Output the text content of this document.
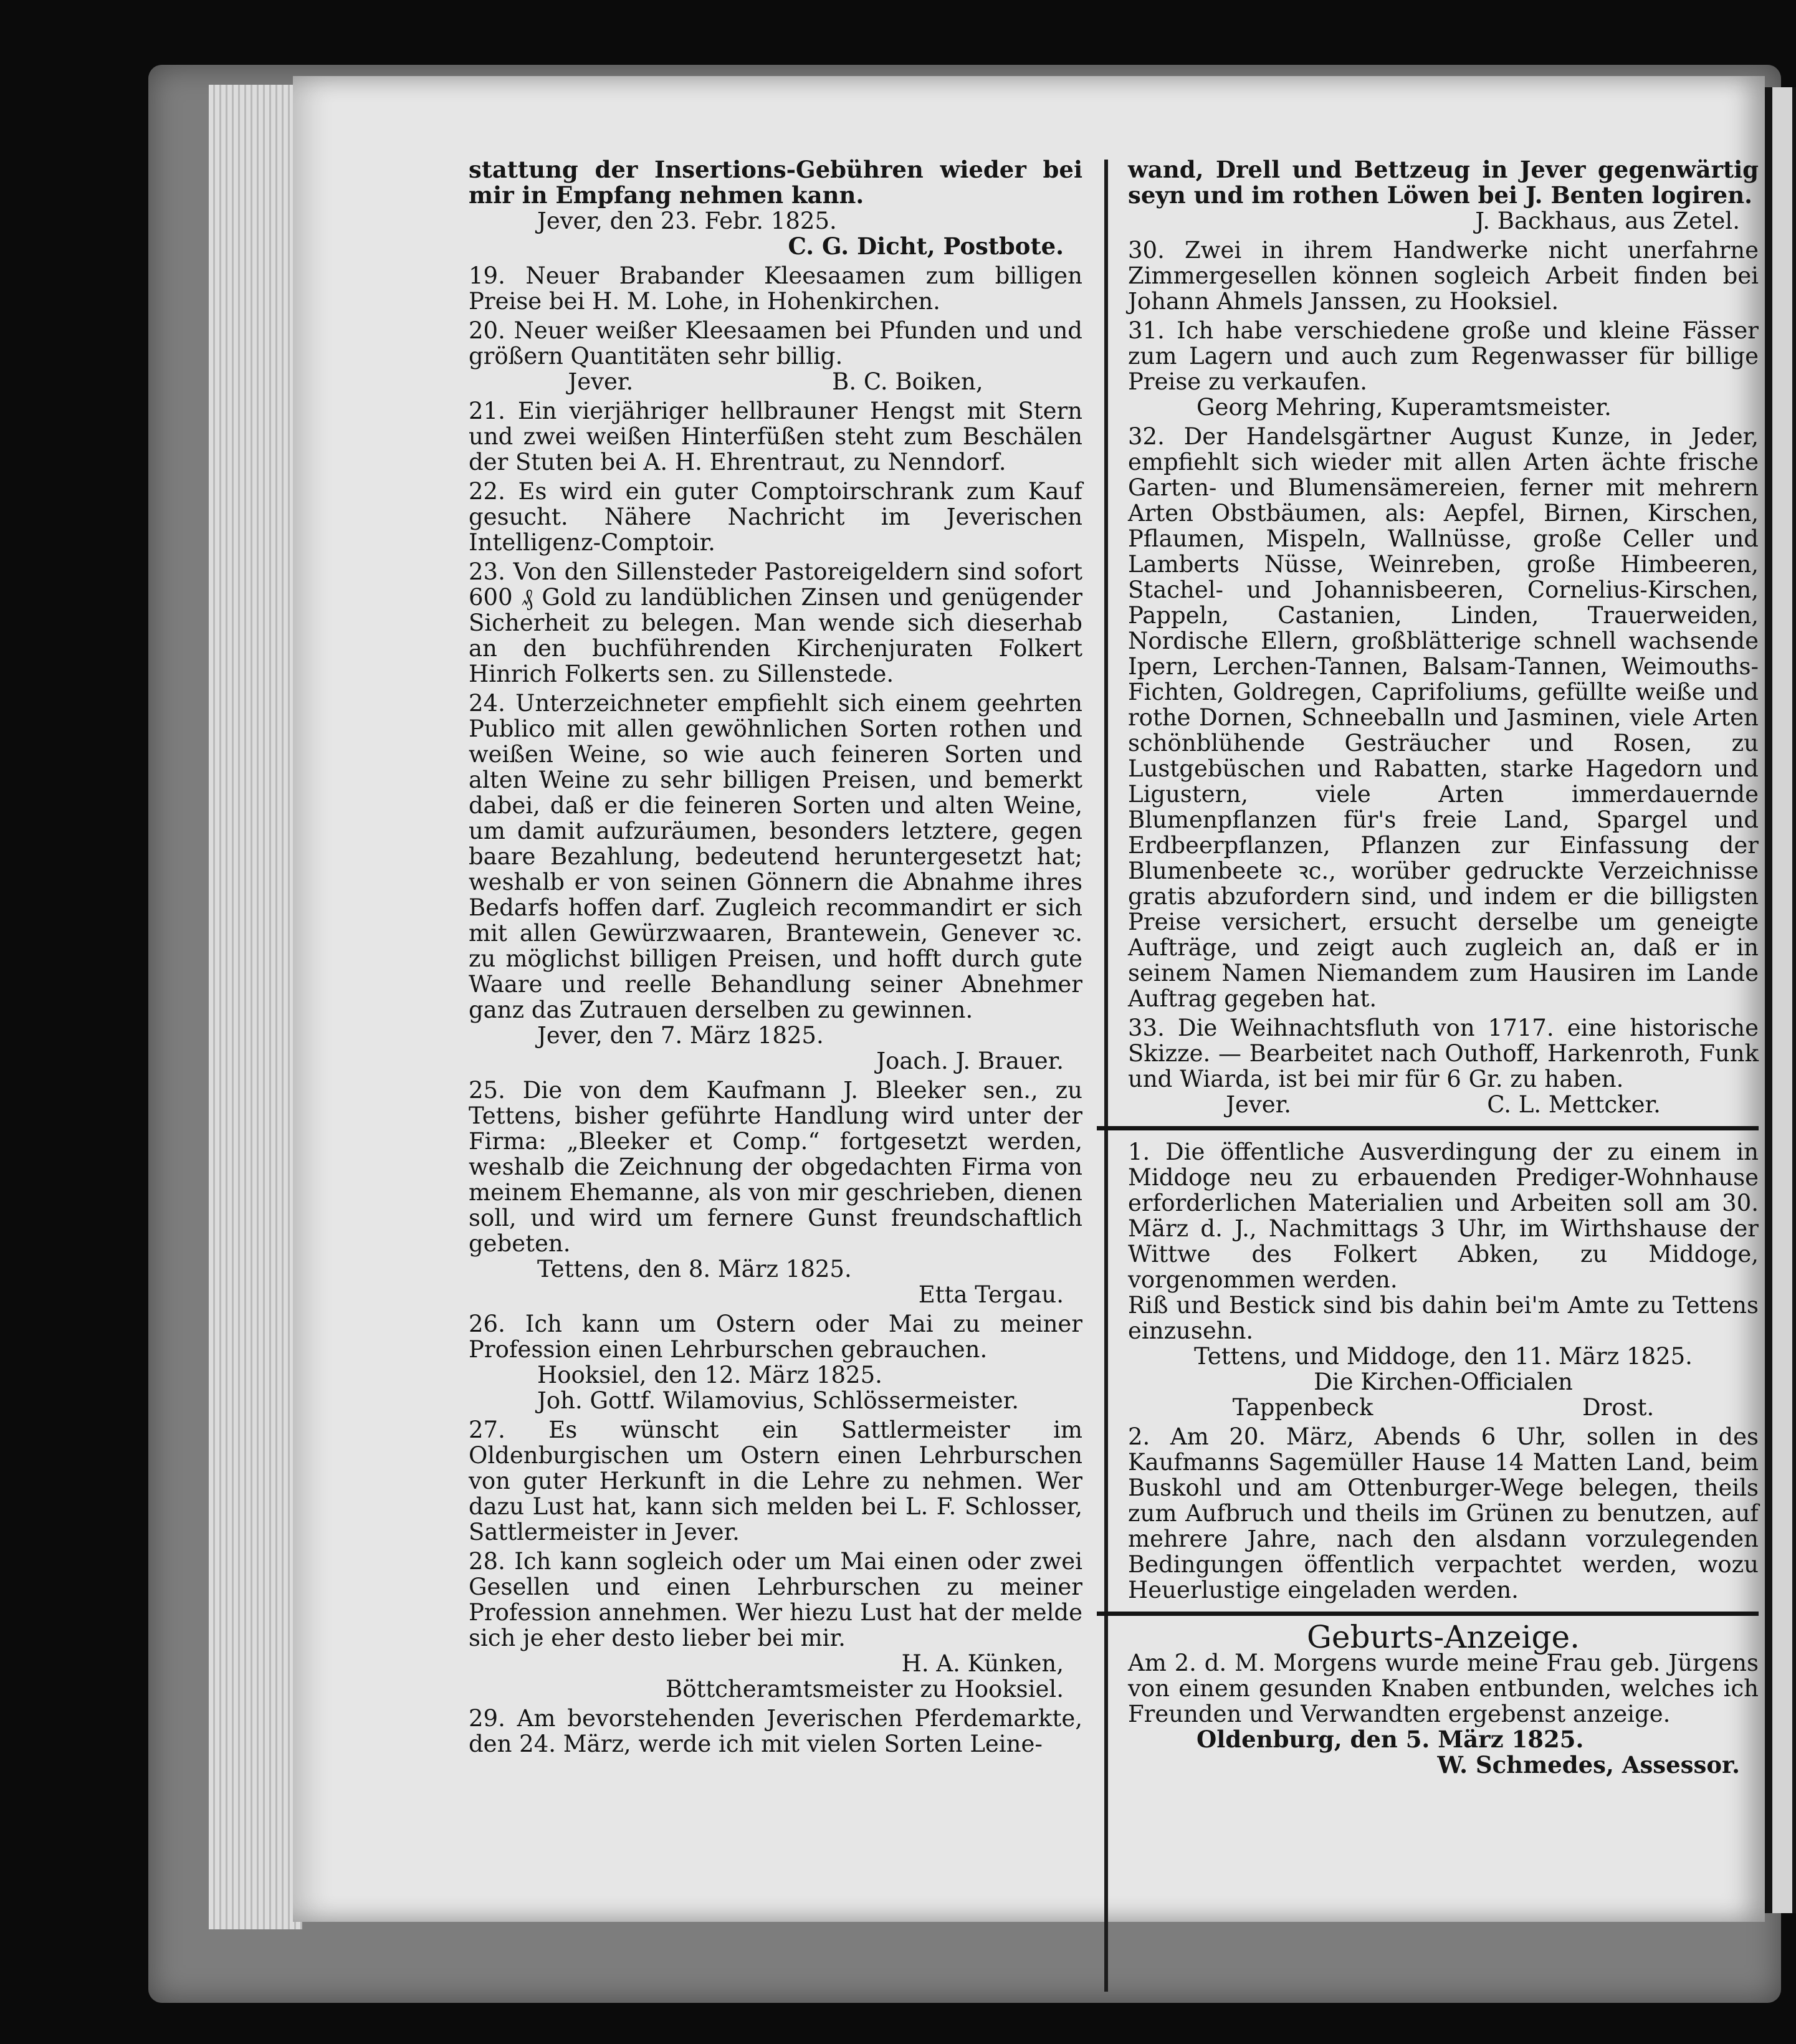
stattung der Insertions-Gebühren wieder bei mir in Empfang nehmen kann.

Jever, den 23. Febr. 1825.

C. G. Dicht, Postbote.

19. Neuer Brabander Kleesaamen zum billigen Preise bei H. M. Lohe, in Hohenkirchen.

20. Neuer weißer Kleesaamen bei Pfunden und und größern Quantitäten sehr billig.

Jever.	B. C. Boiken,

21. Ein vierjähriger hellbrauner Hengst mit Stern und zwei weißen Hinterfüßen steht zum Beschälen der Stuten bei A. H. Ehrentraut, zu Nenndorf.

22. Es wird ein guter Comptoirschrank zum Kauf gesucht. Nähere Nachricht im Jeverischen Intelligenz-Comptoir.

23. Von den Sillensteder Pastoreigeldern sind sofort 600 ₰ Gold zu landüblichen Zinsen und genügender Sicherheit zu belegen. Man wende sich dieserhab an den buchführenden Kirchenjuraten Folkert Hinrich Folkerts sen. zu Sillenstede.

24. Unterzeichneter empfiehlt sich einem geehrten Publico mit allen gewöhnlichen Sorten rothen und weißen Weine, so wie auch feineren Sorten und alten Weine zu sehr billigen Preisen, und bemerkt dabei, daß er die feineren Sorten und alten Weine, um damit aufzuräumen, besonders letztere, gegen baare Bezahlung, bedeutend heruntergesetzt hat; weshalb er von seinen Gönnern die Abnahme ihres Bedarfs hoffen darf. Zugleich recommandirt er sich mit allen Gewürzwaaren, Brantewein, Genever ꝛc. zu möglichst billigen Preisen, und hofft durch gute Waare und reelle Behandlung seiner Abnehmer ganz das Zutrauen derselben zu gewinnen.

Jever, den 7. März 1825.

Joach. J. Brauer.

25. Die von dem Kaufmann J. Bleeker sen., zu Tettens, bisher geführte Handlung wird unter der Firma: „Bleeker et Comp.“ fortgesetzt werden, weshalb die Zeichnung der obgedachten Firma von meinem Ehemanne, als von mir geschrieben, dienen soll, und wird um fernere Gunst freundschaftlich gebeten.

Tettens, den 8. März 1825.

Etta Tergau.

26. Ich kann um Ostern oder Mai zu meiner Profession einen Lehrburschen gebrauchen.

Hooksiel, den 12. März 1825.

Joh. Gottf. Wilamovius, Schlössermeister.

27. Es wünscht ein Sattlermeister im Oldenburgischen um Ostern einen Lehrburschen von guter Herkunft in die Lehre zu nehmen. Wer dazu Lust hat, kann sich melden bei L. F. Schlosser, Sattlermeister in Jever.

28. Ich kann sogleich oder um Mai einen oder zwei Gesellen und einen Lehrburschen zu meiner Profession annehmen. Wer hiezu Lust hat der melde sich je eher desto lieber bei mir.

H. A. Künken,

Böttcheramtsmeister zu Hooksiel.

29. Am bevorstehenden Jeverischen Pferdemarkte, den 24. März, werde ich mit vielen Sorten Leine-

wand, Drell und Bettzeug in Jever gegenwärtig seyn und im rothen Löwen bei J. Benten logiren.

J. Backhaus, aus Zetel.

30. Zwei in ihrem Handwerke nicht unerfahrne Zimmergesellen können sogleich Arbeit finden bei Johann Ahmels Janssen, zu Hooksiel.

31. Ich habe verschiedene große und kleine Fässer zum Lagern und auch zum Regenwasser für billige Preise zu verkaufen.

Georg Mehring, Kuperamtsmeister.

32. Der Handelsgärtner August Kunze, in Jeder, empfiehlt sich wieder mit allen Arten ächte frische Garten- und Blumensämereien, ferner mit mehrern Arten Obstbäumen, als: Aepfel, Birnen, Kirschen, Pflaumen, Mispeln, Wallnüsse, große Celler und Lamberts Nüsse, Weinreben, große Himbeeren, Stachel- und Johannisbeeren, Cornelius-Kirschen, Pappeln, Castanien, Linden, Trauerweiden, Nordische Ellern, großblätterige schnell wachsende Ipern, Lerchen-Tannen, Balsam-Tannen, Weimouths-Fichten, Goldregen, Caprifoliums, gefüllte weiße und rothe Dornen, Schneeballn und Jasminen, viele Arten schönblühende Gesträucher und Rosen, zu Lustgebüschen und Rabatten, starke Hagedorn und Ligustern, viele Arten immerdauernde Blumenpflanzen für's freie Land, Spargel und Erdbeerpflanzen, Pflanzen zur Einfassung der Blumenbeete ꝛc., worüber gedruckte Verzeichnisse gratis abzufordern sind, und indem er die billigsten Preise versichert, ersucht derselbe um geneigte Aufträge, und zeigt auch zugleich an, daß er in seinem Namen Niemandem zum Hausiren im Lande Auftrag gegeben hat.

33. Die Weihnachtsfluth von 1717. eine historische Skizze. — Bearbeitet nach Outhoff, Harkenroth, Funk und Wiarda, ist bei mir für 6 Gr. zu haben.

Jever.	C. L. Mettcker.

1. Die öffentliche Ausverdingung der zu einem in Middoge neu zu erbauenden Prediger-Wohnhause erforderlichen Materialien und Arbeiten soll am 30. März d. J., Nachmittags 3 Uhr, im Wirthshause der Wittwe des Folkert Abken, zu Middoge, vorgenommen werden.

Riß und Bestick sind bis dahin bei'm Amte zu Tettens einzusehn.

Tettens, und Middoge, den 11. März 1825.

Die Kirchen-Officialen

Tappenbeck	Drost.

2. Am 20. März, Abends 6 Uhr, sollen in des Kaufmanns Sagemüller Hause 14 Matten Land, beim Buskohl und am Ottenburger-Wege belegen, theils zum Aufbruch und theils im Grünen zu benutzen, auf mehrere Jahre, nach den alsdann vorzulegenden Bedingungen öffentlich verpachtet werden, wozu Heuerlustige eingeladen werden.

Geburts-Anzeige.

Am 2. d. M. Morgens wurde meine Frau geb. Jürgens von einem gesunden Knaben entbunden, welches ich Freunden und Verwandten ergebenst anzeige.

Oldenburg, den 5. März 1825.

W. Schmedes, Assessor.
